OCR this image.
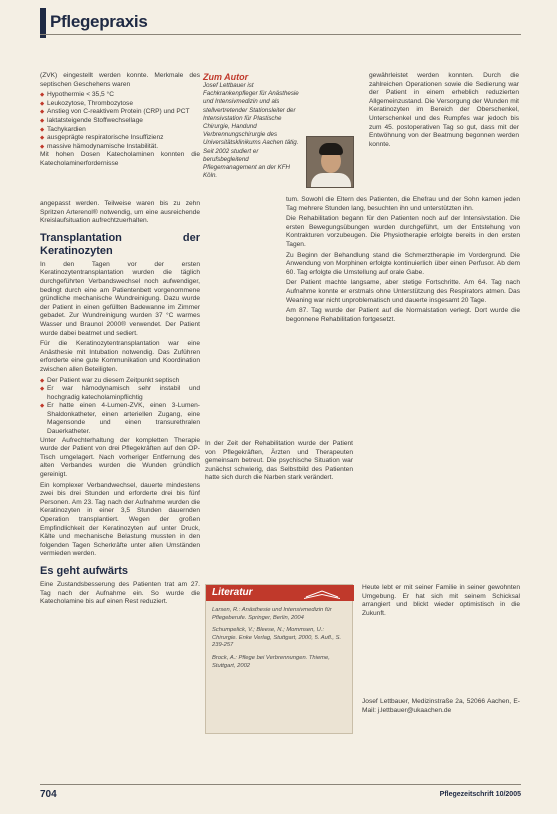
Pflegepraxis

(ZVK) eingestellt werden konnte. Merkmale des septischen Geschehens waren

◆ Hypothermie < 35,5 °C
◆ Leukozytose, Thrombozytose
◆ Anstieg von C-reaktivem Protein (CRP) und PCT
◆ laktatsteigende Stoffwechsellage
◆ Tachykardien
◆ ausgeprägte respiratorische Insuffizienz
◆ massive hämodynamische Instabilität.

Mit hohen Dosen Katecholaminen konnten die Katecholaminerfordernisse

Zum Autor
Josef Lettbauer ist Fachkrankenpfleger für Anästhesie und Intensivmedizin und als stellvertretender Stationsleiter der Intensivstation für Plastische Chirurgie, Handund Verbrennungschirurgie des Universitätsklinikums Aachen tätig. Seit 2002 studiert er berufsbegleitend Pflegemanagement an der KFH Köln.

gewährleistet werden konnten. Durch die zahlreichen Operationen sowie die Sedierung war der Patient in einem erheblich reduzierten Allgemeinzustand. Die Versorgung der Wunden mit Keratinozyten im Bereich der Oberschenkel, Unterschenkel und des Rumpfes war jedoch bis zum 45. postoperativen Tag so gut, dass mit der Entwöhnung von der Beatmung begonnen werden konnte.

angepasst werden. Teilweise waren bis zu zehn Spritzen Arterenol® notwendig, um eine ausreichende Kreislaufsituation aufrechtzuerhalten.

Transplantation der Keratinozyten

In den Tagen vor der ersten Keratinozytentransplantation wurden die täglich durchgeführten Verbandswechsel noch aufwendiger, bedingt durch eine am Patientenbett vorgenommene gründliche mechanische Wundreinigung. Dazu wurde der Patient in einen gefüllten Badewanne im Zimmer gebadet. Zur Wundreinigung wurden 37 °C warmes Wasser und Braunol 2000® verwendet. Der Patient wurde dabei beatmet und sediert.

Für die Keratinozytentransplantation war eine Anästhesie mit Intubation notwendig. Das Zuführen erforderte eine gute Kommunikation und Koordination zwischen allen Beteiligten.

◆ Der Patient war zu diesem Zeitpunkt septisch
◆ Er war hämodynamisch sehr instabil und hochgradig katecholaminpflichtig
◆ Er hatte einen 4-Lumen-ZVK, einen 3-Lumen-Shaldonkatheter, einen arteriellen Zugang, eine Magensonde und einen transurethralen Dauerkatheter.

Unter Aufrechterhaltung der kompletten Therapie wurde der Patient von drei Pflegekräften auf den OP-Tisch umgelagert. Nach vorheriger Entfernung des alten Verbandes wurden die Wunden gründlich gereinigt.

Ein komplexer Verbandwechsel, dauerte mindestens zwei bis drei Stunden und erforderte drei bis fünf Personen. Am 23. Tag nach der Aufnahme wurden die Keratinozyten in einer 3,5 Stunden dauernden Operation transplantiert. Wegen der großen Empfindlichkeit der Keratinozyten auf unter Druck, Kälte und mechanische Belastung mussten in den folgenden Tagen Scherkräfte unter allen Umständen vermieden werden.

Es geht aufwärts

Eine Zustandsbesserung des Patienten trat am 27. Tag nach der Aufnahme ein. So wurde die Katecholamine bis auf einen Rest reduziert.

tum. Sowohl die Eltern des Patienten, die Ehefrau und der Sohn kamen jeden Tag mehrere Stunden lang, besuchten ihn und unterstützten ihn.

Die Rehabilitation begann für den Patienten noch auf der Intensivstation. Die ersten Bewegungsübungen wurden durchgeführt, um der Entstehung von Kontrakturen vorzubeugen. Die Physiotherapie erfolgte bereits in den ersten Tagen.

Zu Beginn der Behandlung stand die Schmerztherapie im Vordergrund. Die Anwendung von Morphinen erfolgte kontinuierlich über einen Perfusor. Ab dem 60. Tag erfolgte die Umstellung auf orale Gabe.

Der Patient machte langsame, aber stetige Fortschritte. Am 64. Tag nach Aufnahme konnte er erstmals ohne Unterstützung des Respirators atmen. Das Weaning war nicht unproblematisch und dauerte insgesamt 20 Tage.

Am 87. Tag wurde der Patient auf die Normalstation verlegt. Dort wurde die begonnene Rehabilitation fortgesetzt.

In der Zeit der Rehabilitation wurde der Patient von Pflegekräften, Ärzten und Therapeuten gemeinsam betreut. Die psychische Situation war zunächst schwierig, das Selbstbild des Patienten hatte sich durch die Narben stark verändert.

Heute lebt er mit seiner Familie in seiner gewohnten Umgebung. Er hat sich mit seinem Schicksal arrangiert und blickt wieder optimistisch in die Zukunft.

Josef Lettbauer, Medizinstraße 2a, 52066 Aachen, E-Mail: j.lettbauer@ukaachen.de

Literatur
Larsen, R.: Anästhesie und Intensivmedizin für Pflegeberufe. Springer, Berlin, 2004
Schumpelick, V.; Bleese, N.; Mommsen, U.: Chirurgie. Enke Verlag, Stuttgart, 2000, 5. Aufl., S. 239-257
Brock, A.: Pflege bei Verbrennungen. Thieme, Stuttgart, 2002
704	Pflegezeitschrift 10/2005
